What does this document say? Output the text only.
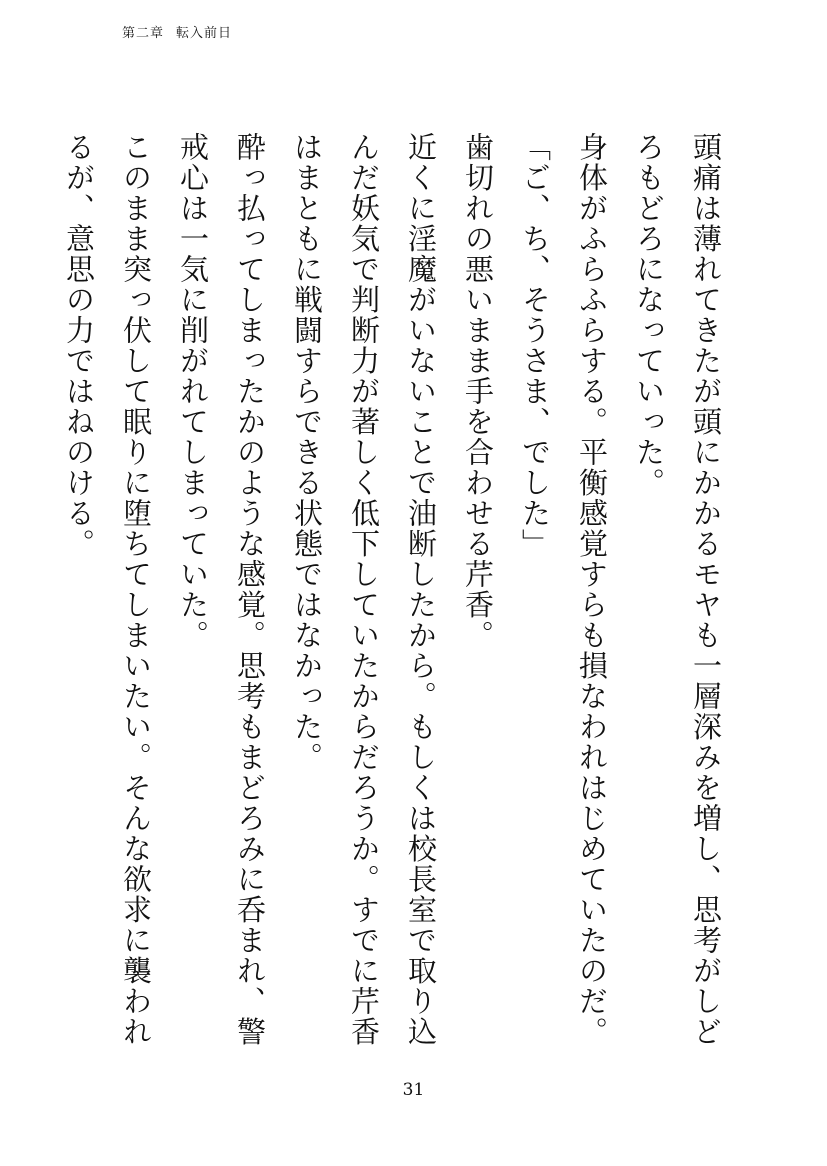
第二章 転入前日

頭痛は薄れてきたが頭にかかるモヤも一層深みを増し、思考がしどろもどろになっていった。

身体がふらふらする。平衡感覚すらも損なわれはじめていたのだ。

「ご、ち、そうさま、でした」

歯切れの悪いまま手を合わせる芹香。

近くに淫魔がいないことで油断したから。もしくは校長室で取り込んだ妖気で判断力が著しく低下していたからだろうか。すでに芹香はまともに戦闘すらできる状態ではなかった。

酔っ払ってしまったかのような感覚。思考もまどろみに呑まれ、警戒心は一気に削がれてしまっていた。

このまま突っ伏して眠りに堕ちてしまいたい。そんな欲求に襲われるが、意思の力ではねのける。

31
